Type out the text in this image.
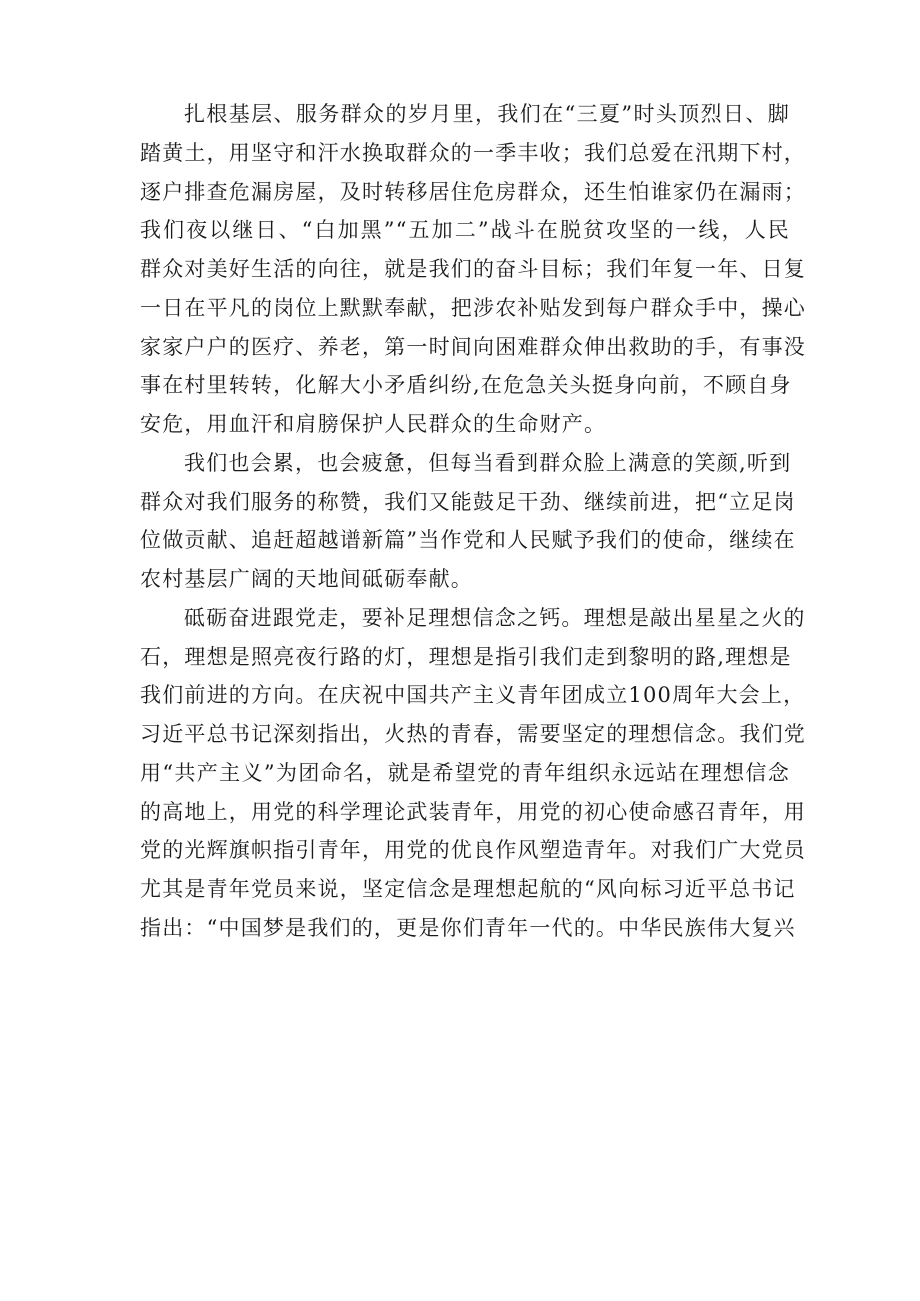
扎根基层、服务群众的岁月里，我们在“三夏”时头顶烈日、脚
踏黄土，用坚守和汗水换取群众的一季丰收；我们总爱在汛期下村，
逐户排查危漏房屋，及时转移居住危房群众，还生怕谁家仍在漏雨；
我们夜以继日、“白加黑”“五加二”战斗在脱贫攻坚的一线，人民
群众对美好生活的向往，就是我们的奋斗目标；我们年复一年、日复
一日在平凡的岗位上默默奉献，把涉农补贴发到每户群众手中，操心
家家户户的医疗、养老，第一时间向困难群众伸出救助的手，有事没
事在村里转转，化解大小矛盾纠纷,在危急关头挺身向前，不顾自身
安危，用血汗和肩膀保护人民群众的生命财产。
我们也会累，也会疲惫，但每当看到群众脸上满意的笑颜,听到
群众对我们服务的称赞，我们又能鼓足干劲、继续前进，把“立足岗
位做贡献、追赶超越谱新篇”当作党和人民赋予我们的使命，继续在
农村基层广阔的天地间砥砺奉献。
砥砺奋进跟党走，要补足理想信念之钙。理想是敲出星星之火的
石，理想是照亮夜行路的灯，理想是指引我们走到黎明的路,理想是
我们前进的方向。在庆祝中国共产主义青年团成立100周年大会上，
习近平总书记深刻指出，火热的青春，需要坚定的理想信念。我们党
用“共产主义”为团命名，就是希望党的青年组织永远站在理想信念
的高地上，用党的科学理论武装青年，用党的初心使命感召青年，用
党的光辉旗帜指引青年，用党的优良作风塑造青年。对我们广大党员
尤其是青年党员来说，坚定信念是理想起航的“风向标习近平总书记
指出：“中国梦是我们的，更是你们青年一代的。中华民族伟大复兴
